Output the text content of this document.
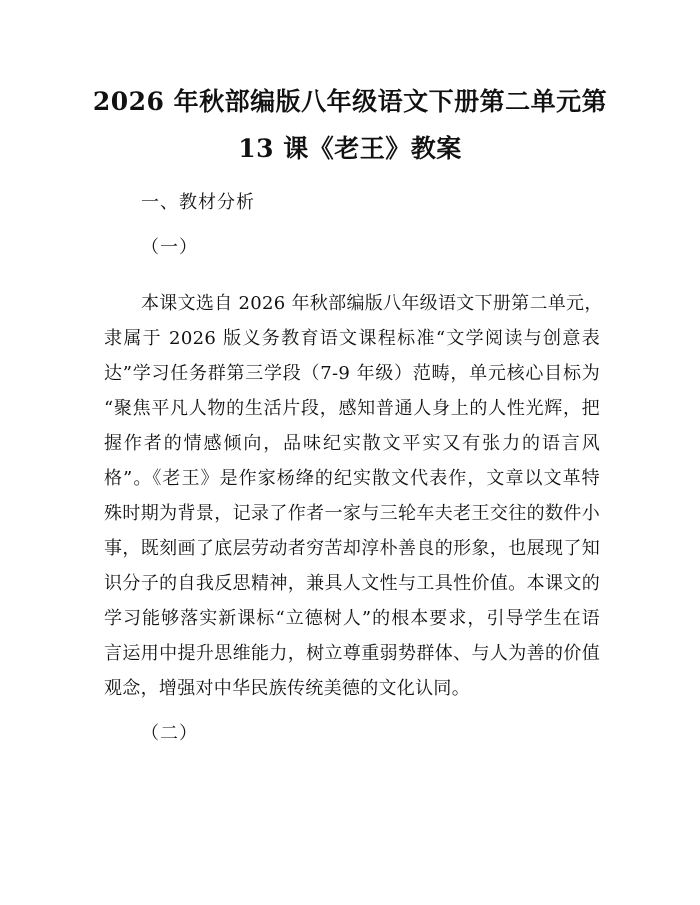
2026 年秋部编版八年级语文下册第二单元第
13 课《老王》教案
一、教材分析
（一）
本课文选自 2026 年秋部编版八年级语文下册第二单元，
隶属于 2026 版义务教育语文课程标准“文学阅读与创意表
达”学习任务群第三学段（7-9 年级）范畴，单元核心目标为
“聚焦平凡人物的生活片段，感知普通人身上的人性光辉，把
握作者的情感倾向，品味纪实散文平实又有张力的语言风
格”。《老王》是作家杨绛的纪实散文代表作，文章以文革特
殊时期为背景，记录了作者一家与三轮车夫老王交往的数件小
事，既刻画了底层劳动者穷苦却淳朴善良的形象，也展现了知
识分子的自我反思精神，兼具人文性与工具性价值。本课文的
学习能够落实新课标“立德树人”的根本要求，引导学生在语
言运用中提升思维能力，树立尊重弱势群体、与人为善的价值
观念，增强对中华民族传统美德的文化认同。
（二）
